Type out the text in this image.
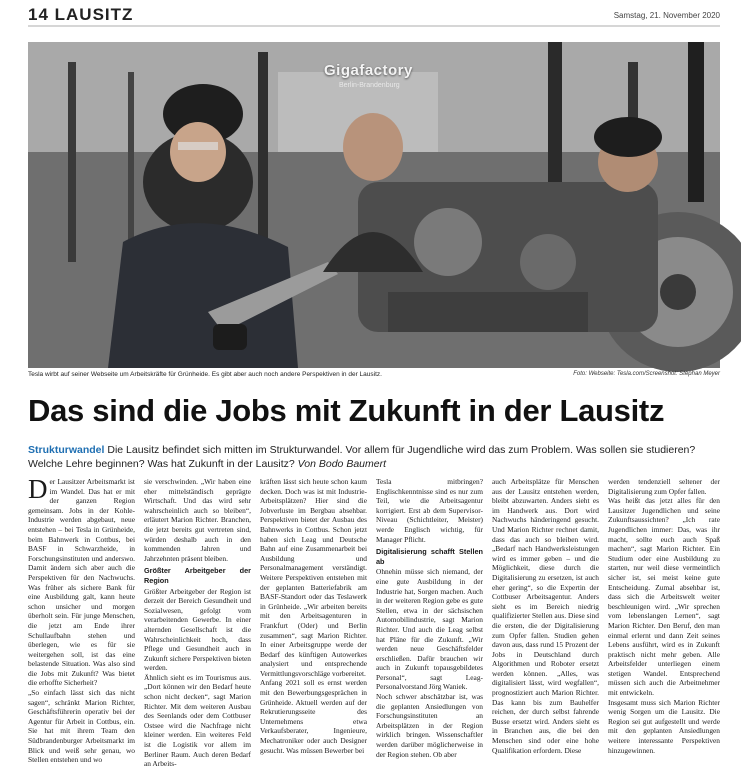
14 LAUSITZ	Samstag, 21. November 2020
Gigafactory
Berlin-Brandenburg
Tesla wirbt auf seiner Webseite um Arbeitskräfte für Grünheide. Es gibt aber auch noch andere Perspektiven in der Lausitz.	Foto: Webseite: Tesla.com/Screenshot: Stephan Meyer
Das sind die Jobs mit Zukunft in der Lausitz
Strukturwandel Die Lausitz befindet sich mitten im Strukturwandel. Vor allem für Jugendliche wird das zum Problem. Was sollen sie studieren? Welche Lehre beginnen? Was hat Zukunft in der Lausitz? Von Bodo Baumert
D er Lausitzer Arbeitsmarkt ist im Wandel. Das hat er mit der ganzen Region gemeinsam. Jobs in der Kohle-Industrie werden abgebaut, neue entstehen – bei Tesla in Grünheide, beim Bahnwerk in Cottbus, bei BASF in Schwarzheide, in Forschungsinstituten und anderswo. Damit ändern sich aber auch die Perspektiven für den Nachwuchs. Was früher als sichere Bank für eine Ausbildung galt, kann heute schon unsicher und morgen überholt sein. Für junge Menschen, die jetzt am Ende ihrer Schullaufbahn stehen und überlegen, wie es für sie weitergehen soll, ist das eine belastende Situation. Was also sind die Jobs mit Zukunft? Was bietet die erhoffte Sicherheit?

„So einfach lässt sich das nicht sagen“, schränkt Marion Richter, Geschäftsführerin operativ bei der Agentur für Arbeit in Cottbus, ein. Sie hat mit ihrem Team den Südbrandenburger Arbeitsmarkt im Blick und weiß sehr genau, wo Stellen entstehen und wo

sie verschwinden. „Wir haben eine eher mittelständisch geprägte Wirtschaft. Und das wird sehr wahrscheinlich auch so bleiben“, erläutert Marion Richter. Branchen, die jetzt bereits gut vertreten sind, würden deshalb auch in den kommenden Jahren und Jahrzehnten präsent bleiben.

Größter Arbeitgeber der Region

Größter Arbeitgeber der Region ist derzeit der Bereich Gesundheit und Sozialwesen, gefolgt vom verarbeitenden Gewerbe. In einer alternden Gesellschaft ist die Wahrscheinlichkeit hoch, dass Pflege und Gesundheit auch in Zukunft sichere Perspektiven bieten werden.

Ähnlich sieht es im Tourismus aus. „Dort können wir den Bedarf heute schon nicht decken“, sagt Marion Richter. Mit dem weiteren Ausbau des Seenlands oder dem Cottbuser Ostsee wird die Nachfrage nicht kleiner werden. Ein weiteres Feld ist die Logistik vor allem im Berliner Raum. Auch deren Bedarf an Arbeits-

kräften lässt sich heute schon kaum decken. Doch was ist mit Industrie-Arbeitsplätzen? Hier sind die Jobverluste im Bergbau absehbar. Perspektiven bietet der Ausbau des Bahnwerks in Cottbus. Schon jetzt haben sich Leag und Deutsche Bahn auf eine Zusammenarbeit bei Ausbildung und Personalmanagement verständigt. Weitere Perspektiven entstehen mit der geplanten Batteriefabrik am BASF-Standort oder das Teslawerk in Grünheide. „Wir arbeiten bereits mit den Arbeitsagenturen in Frankfurt (Oder) und Berlin zusammen“, sagt Marion Richter. In einer Arbeitsgruppe werde der Bedarf des künftigen Autowerkes analysiert und entsprechende Vermittlungsvorschläge vorbereitet.

Anfang 2021 soll es ernst werden mit den Bewerbungsgesprächen in Grünheide. Aktuell werden auf der Rekrutierungsseite des Unternehmens etwa Verkaufsberater, Ingenieure, Mechatroniker oder auch Designer gesucht. Was müssen Bewerber bei

Tesla mitbringen? Englischkenntnisse sind es nur zum Teil, wie die Arbeitsagentur korrigiert. Erst ab dem Supervisor-Niveau (Schichtleiter, Meister) werde Englisch wichtig, für Manager Pflicht.

Digitalisierung schafft Stellen ab

Ohnehin müsse sich niemand, der eine gute Ausbildung in der Industrie hat, Sorgen machen. Auch in der weiteren Region gebe es gute Stellen, etwa in der sächsischen Automobilindustrie, sagt Marion Richter. Und auch die Leag selbst hat Pläne für die Zukunft. „Wir werden neue Geschäftsfelder erschließen. Dafür brauchen wir auch in Zukunft topausgebildetes Personal“, sagt Leag-Personalvorstand Jörg Waniek.

Noch schwer abschätzbar ist, was die geplanten Ansiedlungen von Forschungsinstituten an Arbeitsplätzen in der Region wirklich bringen. Wissenschaftler werden darüber möglicherweise in der Region stehen. Ob aber

auch Arbeitsplätze für Menschen aus der Lausitz entstehen werden, bleibt abzuwarten. Anders sieht es im Handwerk aus. Dort wird Nachwuchs händeringend gesucht. Und Marion Richter rechnet damit, dass das auch so bleiben wird. „Bedarf nach Handwerksleistungen wird es immer geben – und die Möglichkeit, diese durch die Digitalisierung zu ersetzen, ist auch eher gering“, so die Expertin der Cottbuser Arbeitsagentur. Anders sieht es im Bereich niedrig qualifizierter Stellen aus. Diese sind die ersten, die der Digitalisierung zum Opfer fallen. Studien gehen davon aus, dass rund 15 Prozent der Jobs in Deutschland durch Algorithmen und Roboter ersetzt werden können. „Alles, was digitalisiert lässt, wird wegfallen“, prognostiziert auch Marion Richter. Das kann bis zum Bauhelfer reichen, der durch selbst fahrende Busse ersetzt wird. Anders sieht es in Branchen aus, die bei den Menschen sind oder eine hohe Qualifikation erfordern. Diese

werden tendenziell seltener der Digitalisierung zum Opfer fallen.

Was heißt das jetzt alles für den Lausitzer Jugendlichen und seine Zukunftsaussichten? „Ich rate Jugendlichen immer: Das, was ihr macht, sollte euch auch Spaß machen“, sagt Marion Richter. Ein Studium oder eine Ausbildung zu starten, nur weil diese vermeintlich sicher ist, sei meist keine gute Entscheidung. Zumal absehbar ist, dass sich die Arbeitswelt weiter beschleunigen wird. „Wir sprechen vom lebenslangen Lernen“, sagt Marion Richter. Den Beruf, den man einmal erlernt und dann Zeit seines Lebens ausführt, wird es in Zukunft praktisch nicht mehr geben. Alle Arbeitsfelder unterliegen einem stetigen Wandel. Entsprechend müssen sich auch die Arbeitnehmer mit entwickeln.

Insgesamt muss sich Marion Richter wenig Sorgen um die Lausitz. Die Region sei gut aufgestellt und werde mit den geplanten Ansiedlungen weitere interessante Perspektiven hinzugewinnen.
